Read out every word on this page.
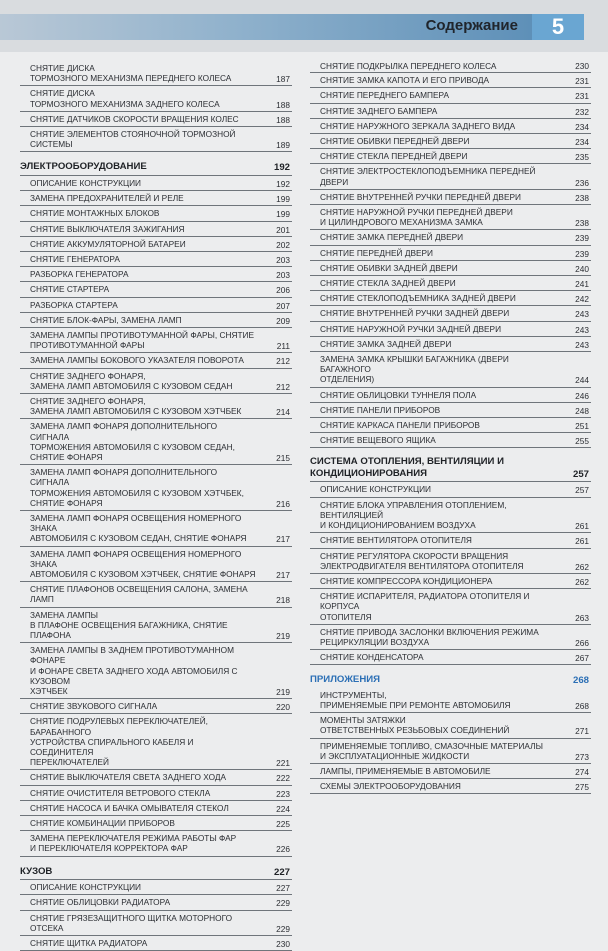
Содержание	5
СНЯТИЕ ДИСКА
ТОРМОЗНОГО МЕХАНИЗМА ПЕРЕДНЕГО КОЛЕСА	187
СНЯТИЕ ДИСКА
ТОРМОЗНОГО МЕХАНИЗМА ЗАДНЕГО КОЛЕСА	188
СНЯТИЕ ДАТЧИКОВ СКОРОСТИ ВРАЩЕНИЯ КОЛЕС	188
СНЯТИЕ ЭЛЕМЕНТОВ СТОЯНОЧНОЙ ТОРМОЗНОЙ СИСТЕМЫ	189
ЭЛЕКТРООБОРУДОВАНИЕ	192
ОПИСАНИЕ КОНСТРУКЦИИ	192
ЗАМЕНА ПРЕДОХРАНИТЕЛЕЙ И РЕЛЕ	199
СНЯТИЕ МОНТАЖНЫХ БЛОКОВ	199
СНЯТИЕ ВЫКЛЮЧАТЕЛЯ ЗАЖИГАНИЯ	201
СНЯТИЕ АККУМУЛЯТОРНОЙ БАТАРЕИ	202
СНЯТИЕ ГЕНЕРАТОРА	203
РАЗБОРКА ГЕНЕРАТОРА	203
СНЯТИЕ СТАРТЕРА	206
РАЗБОРКА СТАРТЕРА	207
СНЯТИЕ БЛОК-ФАРЫ, ЗАМЕНА ЛАМП	209
ЗАМЕНА ЛАМПЫ ПРОТИВОТУМАННОЙ ФАРЫ, СНЯТИЕ
ПРОТИВОТУМАННОЙ ФАРЫ	211
ЗАМЕНА ЛАМПЫ БОКОВОГО УКАЗАТЕЛЯ ПОВОРОТА	212
СНЯТИЕ ЗАДНЕГО ФОНАРЯ,
ЗАМЕНА ЛАМП АВТОМОБИЛЯ С КУЗОВОМ СЕДАН	212
СНЯТИЕ ЗАДНЕГО ФОНАРЯ,
ЗАМЕНА ЛАМП АВТОМОБИЛЯ С КУЗОВОМ ХЭТЧБЕК	214
ЗАМЕНА ЛАМП ФОНАРЯ ДОПОЛНИТЕЛЬНОГО СИГНАЛА
ТОРМОЖЕНИЯ АВТОМОБИЛЯ С КУЗОВОМ СЕДАН,
СНЯТИЕ ФОНАРЯ	215
ЗАМЕНА ЛАМП ФОНАРЯ ДОПОЛНИТЕЛЬНОГО СИГНАЛА
ТОРМОЖЕНИЯ АВТОМОБИЛЯ С КУЗОВОМ ХЭТЧБЕК,
СНЯТИЕ ФОНАРЯ	216
ЗАМЕНА ЛАМП ФОНАРЯ ОСВЕЩЕНИЯ НОМЕРНОГО ЗНАКА
АВТОМОБИЛЯ С КУЗОВОМ СЕДАН, СНЯТИЕ ФОНАРЯ	217
ЗАМЕНА ЛАМП ФОНАРЯ ОСВЕЩЕНИЯ НОМЕРНОГО ЗНАКА
АВТОМОБИЛЯ С КУЗОВОМ ХЭТЧБЕК, СНЯТИЕ ФОНАРЯ	217
СНЯТИЕ ПЛАФОНОВ ОСВЕЩЕНИЯ САЛОНА, ЗАМЕНА ЛАМП	218
ЗАМЕНА ЛАМПЫ
В ПЛАФОНЕ ОСВЕЩЕНИЯ БАГАЖНИКА, СНЯТИЕ ПЛАФОНА	219
ЗАМЕНА ЛАМПЫ В ЗАДНЕМ ПРОТИВОТУМАННОМ ФОНАРЕ
И ФОНАРЕ СВЕТА ЗАДНЕГО ХОДА АВТОМОБИЛЯ С КУЗОВОМ
ХЭТЧБЕК	219
СНЯТИЕ ЗВУКОВОГО СИГНАЛА	220
СНЯТИЕ ПОДРУЛЕВЫХ ПЕРЕКЛЮЧАТЕЛЕЙ, БАРАБАННОГО
УСТРОЙСТВА СПИРАЛЬНОГО КАБЕЛЯ И СОЕДИНИТЕЛЯ
ПЕРЕКЛЮЧАТЕЛЕЙ	221
СНЯТИЕ ВЫКЛЮЧАТЕЛЯ СВЕТА ЗАДНЕГО ХОДА	222
СНЯТИЕ ОЧИСТИТЕЛЯ ВЕТРОВОГО СТЕКЛА	223
СНЯТИЕ НАСОСА И БАЧКА ОМЫВАТЕЛЯ СТЕКОЛ	224
СНЯТИЕ КОМБИНАЦИИ ПРИБОРОВ	225
ЗАМЕНА ПЕРЕКЛЮЧАТЕЛЯ РЕЖИМА РАБОТЫ ФАР
И ПЕРЕКЛЮЧАТЕЛЯ КОРРЕКТОРА ФАР	226
КУЗОВ	227
ОПИСАНИЕ КОНСТРУКЦИИ	227
СНЯТИЕ ОБЛИЦОВКИ РАДИАТОРА	229
СНЯТИЕ ГРЯЗЕЗАЩИТНОГО ЩИТКА МОТОРНОГО ОТСЕКА	229
СНЯТИЕ ЩИТКА РАДИАТОРА	230
СНЯТИЕ ПОДКРЫЛКА ПЕРЕДНЕГО КОЛЕСА	230
СНЯТИЕ ЗАМКА КАПОТА И ЕГО ПРИВОДА	231
СНЯТИЕ ПЕРЕДНЕГО БАМПЕРА	231
СНЯТИЕ ЗАДНЕГО БАМПЕРА	232
СНЯТИЕ НАРУЖНОГО ЗЕРКАЛА ЗАДНЕГО ВИДА	234
СНЯТИЕ ОБИВКИ ПЕРЕДНЕЙ ДВЕРИ	234
СНЯТИЕ СТЕКЛА ПЕРЕДНЕЙ ДВЕРИ	235
СНЯТИЕ ЭЛЕКТРОСТЕКЛОПОДЪЕМНИКА ПЕРЕДНЕЙ ДВЕРИ	236
СНЯТИЕ ВНУТРЕННЕЙ РУЧКИ ПЕРЕДНЕЙ ДВЕРИ	238
СНЯТИЕ НАРУЖНОЙ РУЧКИ ПЕРЕДНЕЙ ДВЕРИ
И ЦИЛИНДРОВОГО МЕХАНИЗМА ЗАМКА	238
СНЯТИЕ ЗАМКА ПЕРЕДНЕЙ ДВЕРИ	239
СНЯТИЕ ПЕРЕДНЕЙ ДВЕРИ	239
СНЯТИЕ ОБИВКИ ЗАДНЕЙ ДВЕРИ	240
СНЯТИЕ СТЕКЛА ЗАДНЕЙ ДВЕРИ	241
СНЯТИЕ СТЕКЛОПОДЪЕМНИКА ЗАДНЕЙ ДВЕРИ	242
СНЯТИЕ ВНУТРЕННЕЙ РУЧКИ ЗАДНЕЙ ДВЕРИ	243
СНЯТИЕ НАРУЖНОЙ РУЧКИ ЗАДНЕЙ ДВЕРИ	243
СНЯТИЕ ЗАМКА ЗАДНЕЙ ДВЕРИ	243
ЗАМЕНА ЗАМКА КРЫШКИ БАГАЖНИКА (ДВЕРИ БАГАЖНОГО
ОТДЕЛЕНИЯ)	244
СНЯТИЕ ОБЛИЦОВКИ ТУННЕЛЯ ПОЛА	246
СНЯТИЕ ПАНЕЛИ ПРИБОРОВ	248
СНЯТИЕ КАРКАСА ПАНЕЛИ ПРИБОРОВ	251
СНЯТИЕ ВЕЩЕВОГО ЯЩИКА	255
СИСТЕМА ОТОПЛЕНИЯ, ВЕНТИЛЯЦИИ И
КОНДИЦИОНИРОВАНИЯ	257
ОПИСАНИЕ КОНСТРУКЦИИ	257
СНЯТИЕ БЛОКА УПРАВЛЕНИЯ ОТОПЛЕНИЕМ, ВЕНТИЛЯЦИЕЙ
И КОНДИЦИОНИРОВАНИЕМ ВОЗДУХА	261
СНЯТИЕ ВЕНТИЛЯТОРА ОТОПИТЕЛЯ	261
СНЯТИЕ РЕГУЛЯТОРА СКОРОСТИ ВРАЩЕНИЯ
ЭЛЕКТРОДВИГАТЕЛЯ ВЕНТИЛЯТОРА ОТОПИТЕЛЯ	262
СНЯТИЕ КОМПРЕССОРА КОНДИЦИОНЕРА	262
СНЯТИЕ ИСПАРИТЕЛЯ, РАДИАТОРА ОТОПИТЕЛЯ И КОРПУСА
ОТОПИТЕЛЯ	263
СНЯТИЕ ПРИВОДА ЗАСЛОНКИ ВКЛЮЧЕНИЯ РЕЖИМА
РЕЦИРКУЛЯЦИИ ВОЗДУХА	266
СНЯТИЕ КОНДЕНСАТОРА	267
ПРИЛОЖЕНИЯ	268
ИНСТРУМЕНТЫ,
ПРИМЕНЯЕМЫЕ ПРИ РЕМОНТЕ АВТОМОБИЛЯ	268
МОМЕНТЫ ЗАТЯЖКИ
ОТВЕТСТВЕННЫХ РЕЗЬБОВЫХ СОЕДИНЕНИЙ	271
ПРИМЕНЯЕМЫЕ ТОПЛИВО, СМАЗОЧНЫЕ МАТЕРИАЛЫ
И ЭКСПЛУАТАЦИОННЫЕ ЖИДКОСТИ	273
ЛАМПЫ, ПРИМЕНЯЕМЫЕ В АВТОМОБИЛЕ	274
СХЕМЫ ЭЛЕКТРООБОРУДОВАНИЯ	275
